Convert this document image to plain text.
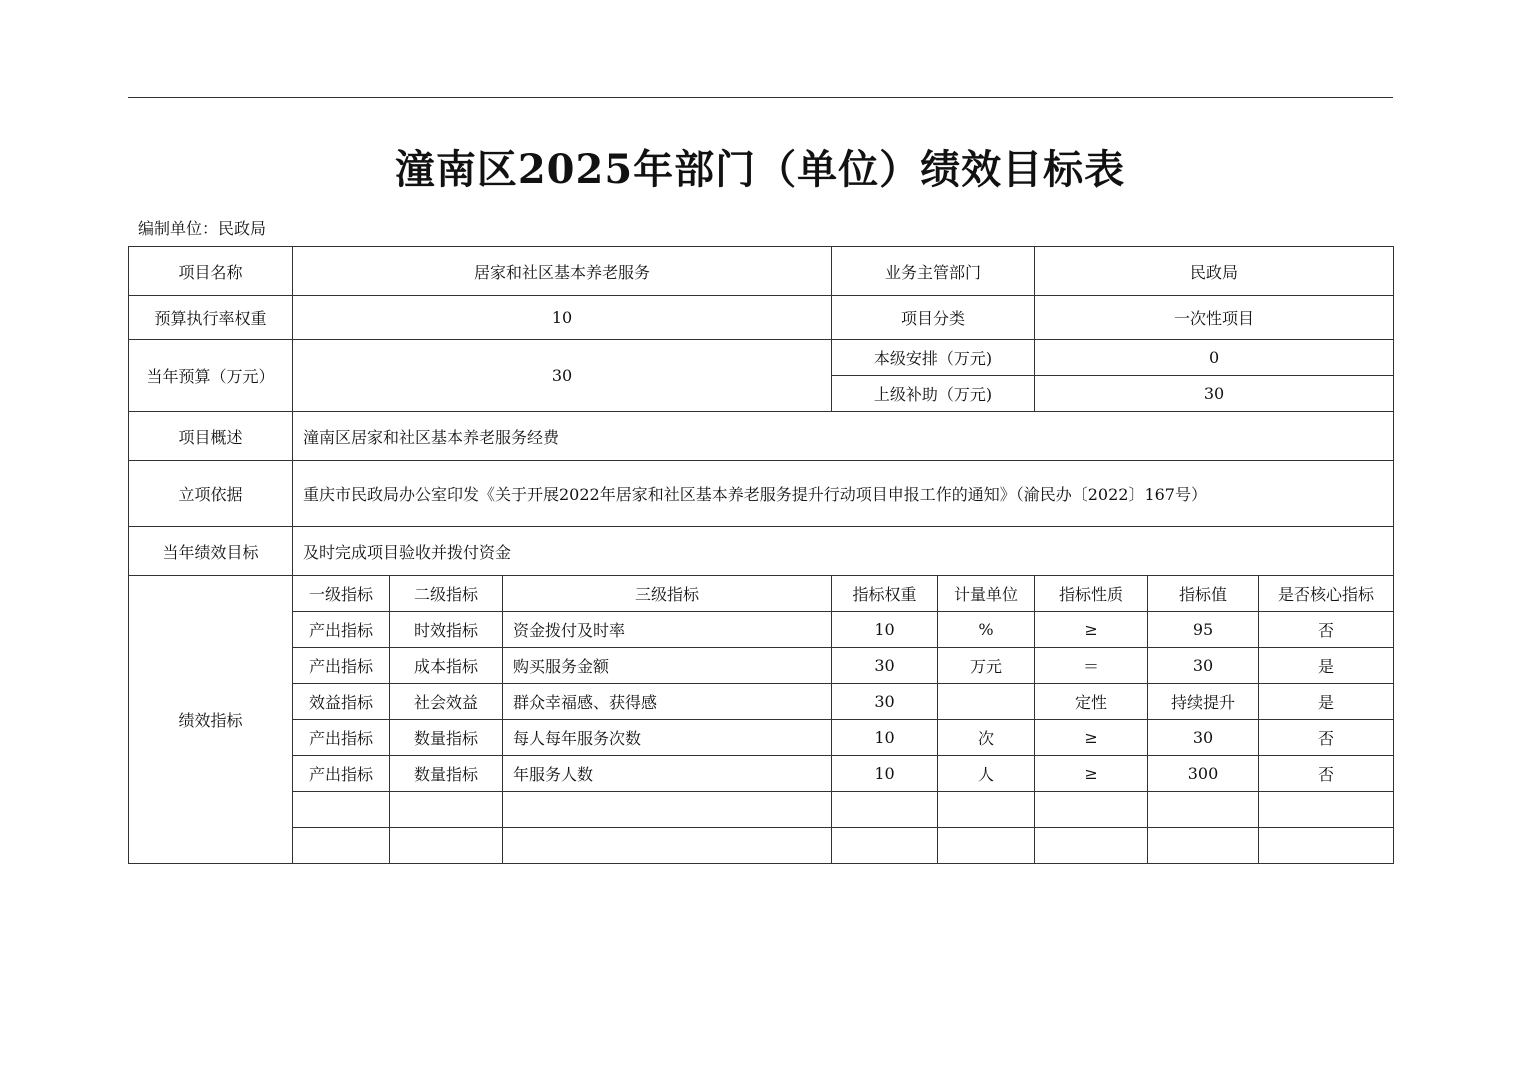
潼南区2025年部门（单位）绩效目标表
编制单位：民政局
项目名称	居家和社区基本养老服务			业务主管部门		民政局		
预算执行率权重	10			项目分类		一次性项目		
当年预算（万元）	30			本级安排（万元)		0		
				上级补助（万元)		30		
项目概述	潼南区居家和社区基本养老服务经费							
立项依据	重庆市民政局办公室印发《关于开展2022年居家和社区基本养老服务提升行动项目申报工作的通知》（渝民办〔2022〕167号）							
当年绩效目标	及时完成项目验收并拨付资金							
绩效指标	一级指标	二级指标	三级指标	指标权重	计量单位	指标性质	指标值	是否核心指标
	产出指标	时效指标	资金拨付及时率	10	%	≥	95	否
	产出指标	成本指标	购买服务金额	30	万元	＝	30	是
	效益指标	社会效益	群众幸福感、获得感	30		定性	持续提升	是
	产出指标	数量指标	每人每年服务次数	10	次	≥	30	否
	产出指标	数量指标	年服务人数	10	人	≥	300	否
